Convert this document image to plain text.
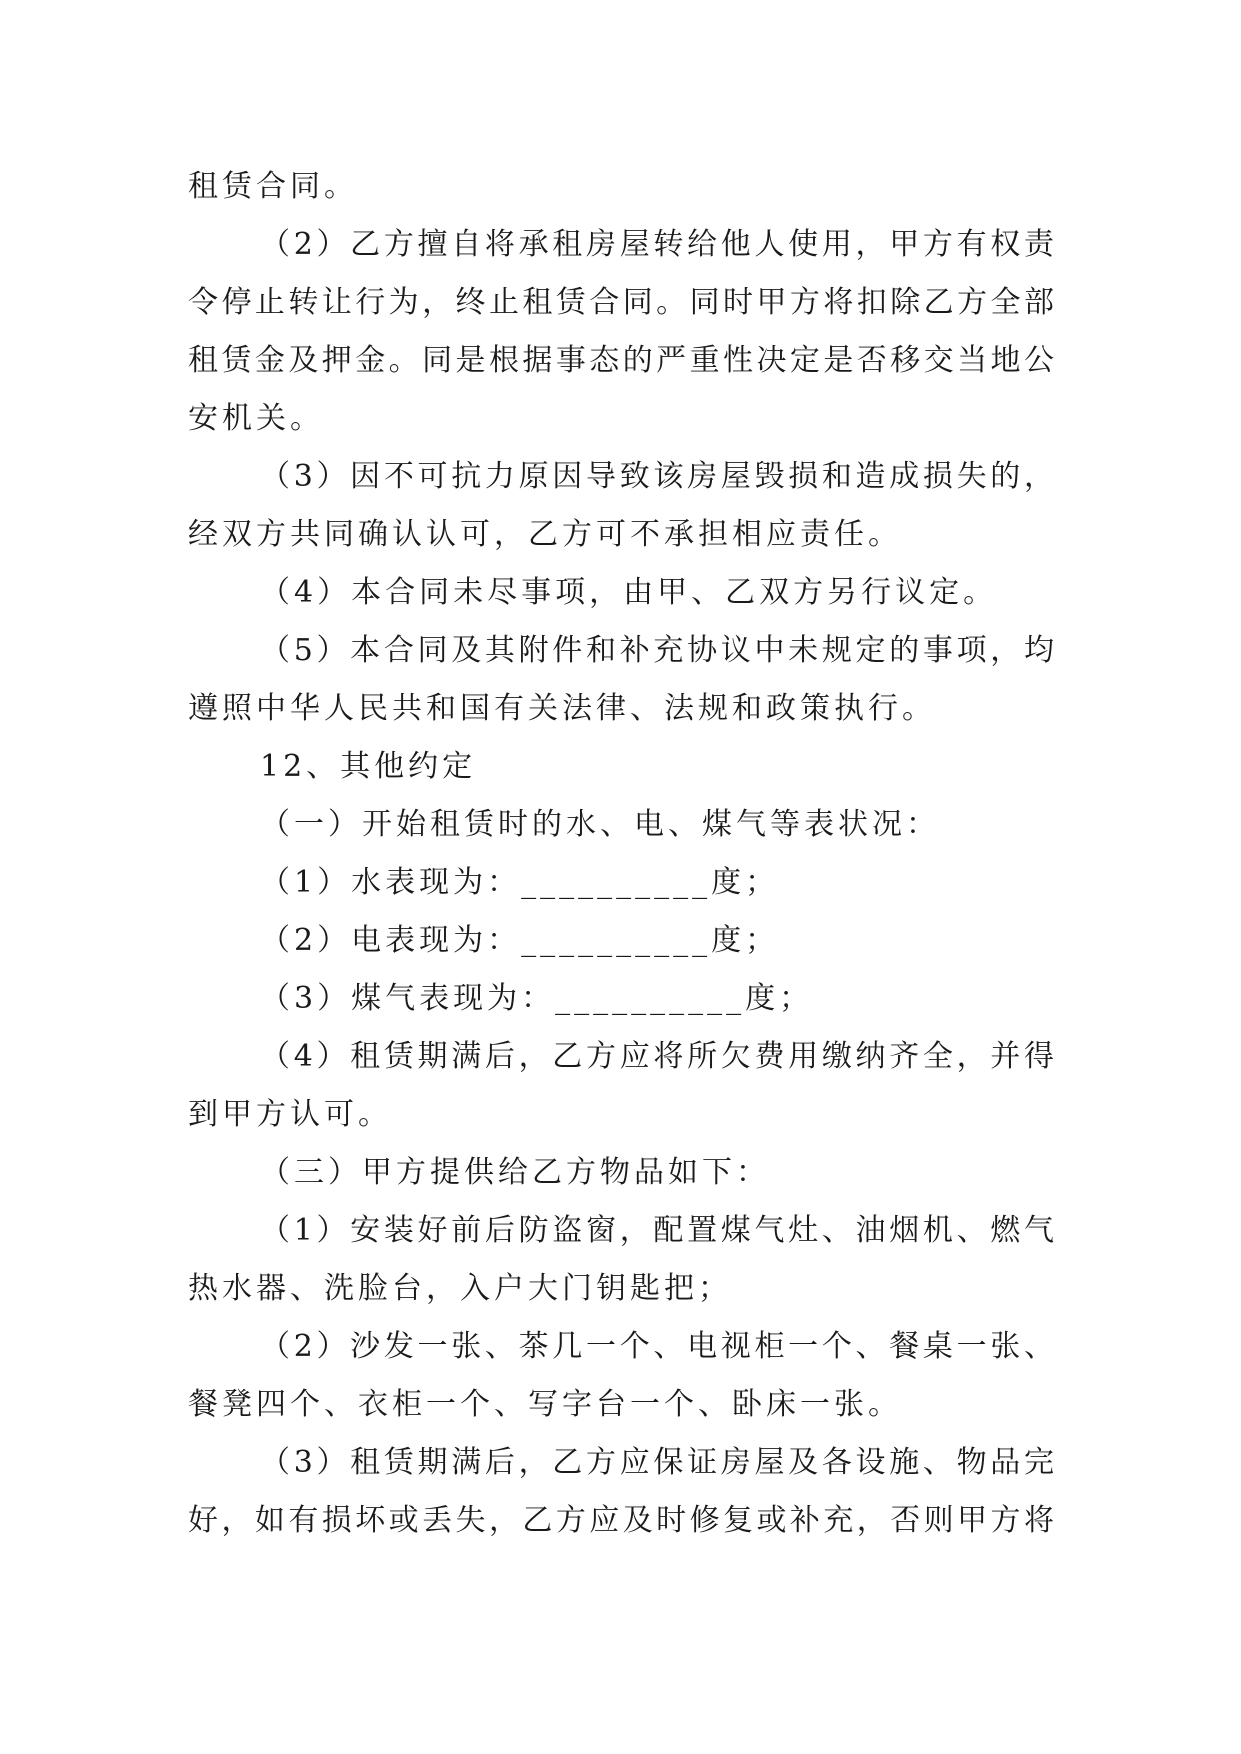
租赁合同。
（2）乙方擅自将承租房屋转给他人使用，甲方有权责
令停止转让行为，终止租赁合同。同时甲方将扣除乙方全部
租赁金及押金。同是根据事态的严重性决定是否移交当地公
安机关。
（3）因不可抗力原因导致该房屋毁损和造成损失的，
经双方共同确认认可，乙方可不承担相应责任。
（4）本合同未尽事项，由甲、乙双方另行议定。
（5）本合同及其附件和补充协议中未规定的事项，均
遵照中华人民共和国有关法律、法规和政策执行。
12、其他约定
（一）开始租赁时的水、电、煤气等表状况：
（1）水表现为：__________度；
（2）电表现为：__________度；
（3）煤气表现为：__________度；
（4）租赁期满后，乙方应将所欠费用缴纳齐全，并得
到甲方认可。
（三）甲方提供给乙方物品如下：
（1）安装好前后防盗窗，配置煤气灶、油烟机、燃气
热水器、洗脸台，入户大门钥匙把；
（2）沙发一张、茶几一个、电视柜一个、餐桌一张、
餐凳四个、衣柜一个、写字台一个、卧床一张。
（3）租赁期满后，乙方应保证房屋及各设施、物品完
好，如有损坏或丢失，乙方应及时修复或补充，否则甲方将
